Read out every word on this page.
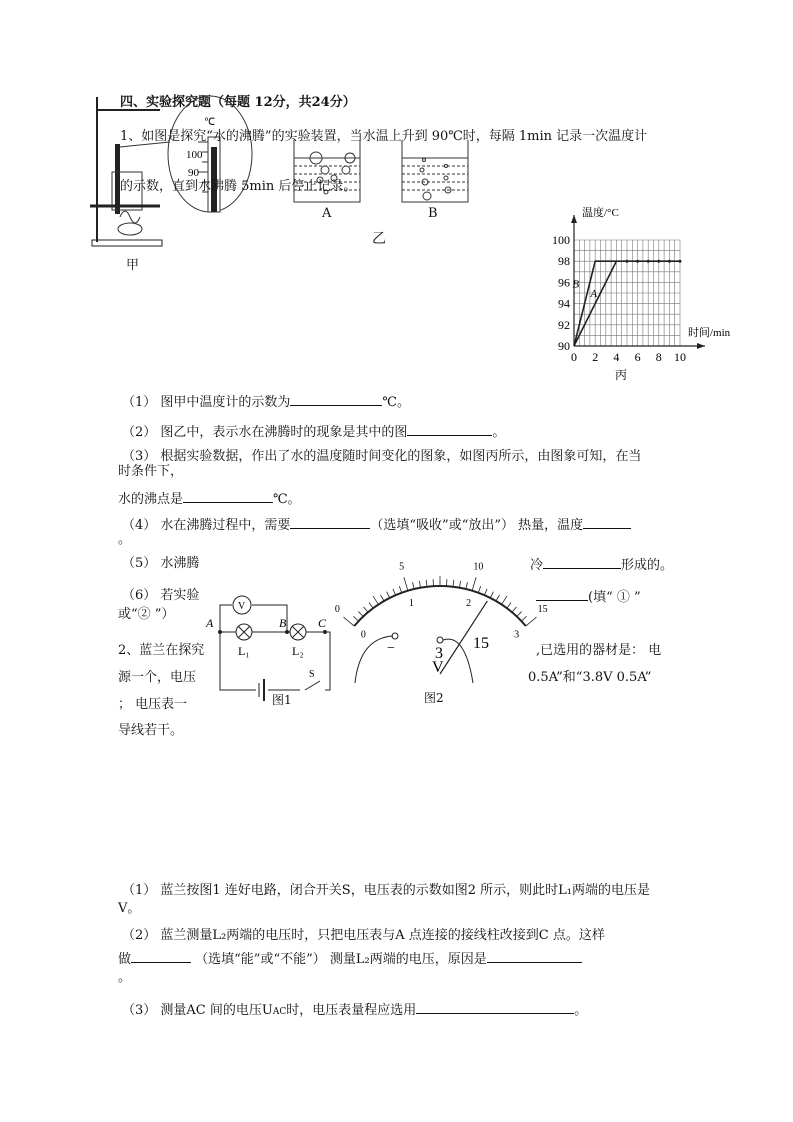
四、实验探究题（每题 12分，共24分）
100
90
℃
甲
A	B
乙
1、如图是探究“水的沸腾”的实验装置，当水温上升到 90℃时，每隔 1min 记录一次温度计
的示数，直到水沸腾 5min 后停止记录。
0 2 4 6 8 10
90
92
94
96
98
100
温度/°C
时间/min
丙
B
A
（1） 图甲中温度计的示数为	℃。
（2） 图乙中，表示水在沸腾时的现象是其中的图	。
（3） 根据实验数据，作出了水的温度随时间变化的图象，如图丙所示，由图象可知，在当
时条件下，
水的沸点是	℃。
（4） 水在沸腾过程中，需要	（选填“吸收”或“放出”） 热量，温度
。
（5） 水沸腾	冷	形成的。
（6） 若实验	(填“ ① ”
或“② ”）
2、蓝兰在探究	,已选用的器材是： 电
源一个，电压	0.5A”和“3.8V 0.5A”
； 电压表一
导线若干。
V
A	B	C
L₁	L₂
S
图1
0
5	10
15
0
1	2
3
V
−	3
15
图2
（1） 蓝兰按图1 连好电路，闭合开关S，电压表的示数如图2 所示，则此时L₁两端的电压是
V。
（2） 蓝兰测量L₂两端的电压时，只把电压表与A 点连接的接线柱改接到C 点。这样
做	（选填“能”或“不能”） 测量L₂两端的电压，原因是
。
（3） 测量AC 间的电压UAC时，电压表量程应选用	。
